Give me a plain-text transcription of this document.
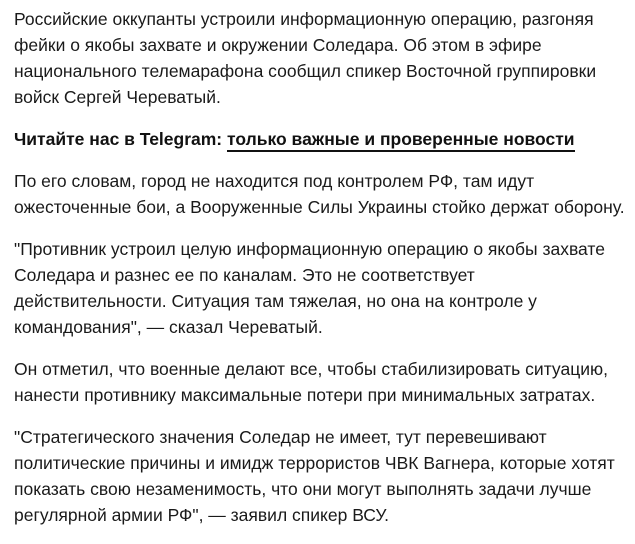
Российские оккупанты устроили информационную операцию, разгоняя фейки о якобы захвате и окружении Соледара. Об этом в эфире национального телемарафона сообщил спикер Восточной группировки войск Сергей Череватый.

Читайте нас в Telegram: только важные и проверенные новости

По его словам, город не находится под контролем РФ, там идут ожесточенные бои, а Вооруженные Силы Украины стойко держат оборону.

"Противник устроил целую информационную операцию о якобы захвате Соледара и разнес ее по каналам. Это не соответствует действительности. Ситуация там тяжелая, но она на контроле у командования", — сказал Череватый.

Он отметил, что военные делают все, чтобы стабилизировать ситуацию, нанести противнику максимальные потери при минимальных затратах.

"Стратегического значения Соледар не имеет, тут перевешивают политические причины и имидж террористов ЧВК Вагнера, которые хотят показать свою незаменимость, что они могут выполнять задачи лучше регулярной армии РФ", — заявил спикер ВСУ.
